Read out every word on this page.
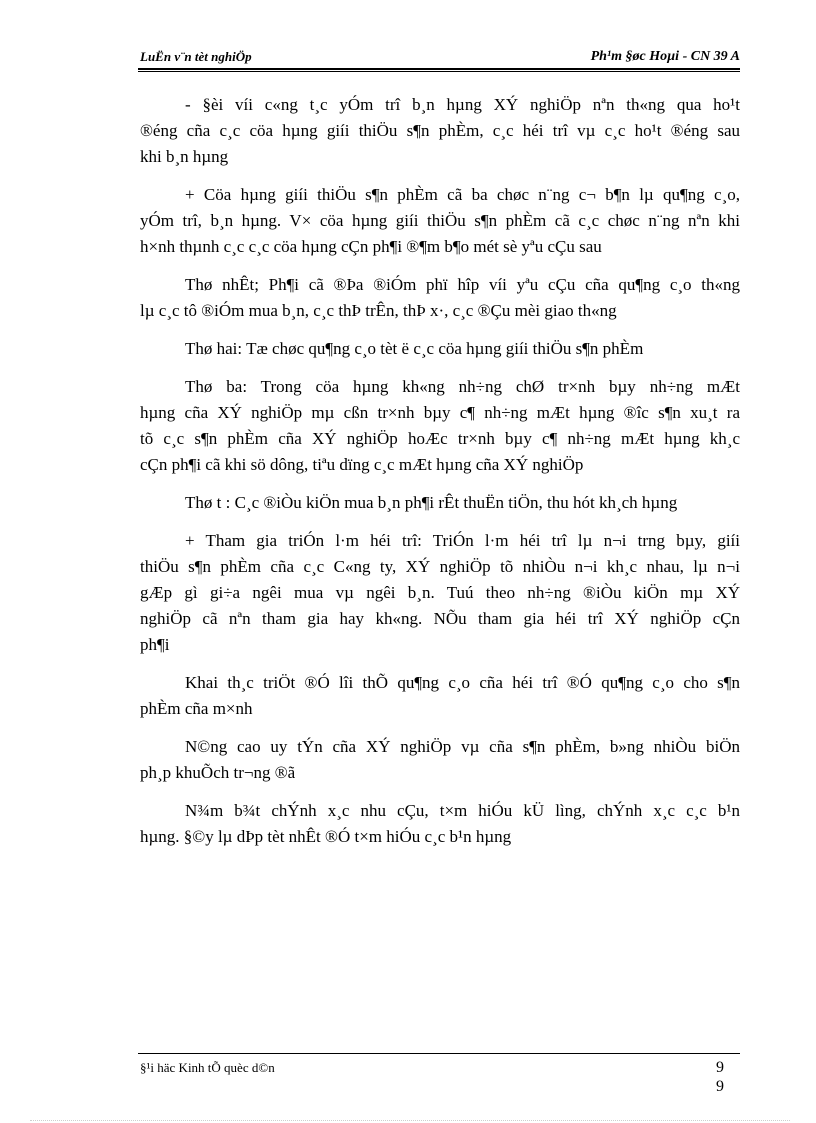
LuËn v¨n tèt nghiÖp	Ph¹m §øc Hoµi - CN 39 A

- §èi víi c«ng t¸c yÓm trî b¸n hµng XÝ nghiÖp nªn th«ng qua ho¹t
®éng cña c¸c cöa hµng giíi thiÖu s¶n phÈm, c¸c héi trî vµ c¸c ho¹t ®éng sau
khi b¸n hµng

+ Cöa hµng giíi thiÖu s¶n phÈm cã ba chøc n¨ng c¬ b¶n lµ qu¶ng c¸o,
yÓm trî, b¸n hµng. V× cöa hµng giíi thiÖu s¶n phÈm cã c¸c chøc n¨ng nªn khi
h×nh thµnh c¸c c¸c cöa hµng cÇn ph¶i ®¶m b¶o mét sè yªu cÇu sau

Thø nhÊt; Ph¶i cã ®Þa ®iÓm phï hîp víi yªu cÇu cña qu¶ng c¸o th«ng
lµ c¸c tô ®iÓm mua b¸n, c¸c thÞ trÊn, thÞ x·, c¸c ®Çu mèi giao th«ng

Thø hai: Tæ chøc qu¶ng c¸o tèt ë c¸c cöa hµng giíi thiÖu s¶n phÈm

Thø ba: Trong cöa hµng kh«ng nh÷ng chØ tr×nh bµy nh÷ng mÆt
hµng cña XÝ nghiÖp mµ cßn tr×nh bµy c¶ nh÷ng mÆt hµng ®îc s¶n xu¸t ra
tõ c¸c s¶n phÈm cña XÝ nghiÖp hoÆc tr×nh bµy c¶ nh÷ng mÆt hµng kh¸c
cÇn ph¶i cã khi sö dông, tiªu dïng c¸c mÆt hµng cña XÝ nghiÖp

Thø t : C¸c ®iÒu kiÖn mua b¸n ph¶i rÊt thuËn tiÖn, thu hót kh¸ch hµng

+ Tham gia triÓn l·m héi trî: TriÓn l·m héi trî lµ n¬i trng bµy, giíi
thiÖu s¶n phÈm cña c¸c C«ng ty, XÝ nghiÖp tõ nhiÒu n¬i kh¸c nhau, lµ n¬i
gÆp gì gi÷a ngêi mua vµ ngêi b¸n. Tuú theo nh÷ng ®iÒu kiÖn mµ XÝ
nghiÖp cã nªn tham gia hay kh«ng. NÕu tham gia héi trî XÝ nghiÖp cÇn
ph¶i

Khai th¸c triÖt ®Ó lîi thÕ qu¶ng c¸o cña héi trî ®Ó qu¶ng c¸o cho s¶n
phÈm cña m×nh

N©ng cao uy tÝn cña XÝ nghiÖp vµ cña s¶n phÈm, b»ng nhiÒu biÖn
ph¸p khuÕch tr¬ng ®ã

N¾m b¾t chÝnh x¸c nhu cÇu, t×m hiÓu kÜ lìng, chÝnh x¸c c¸c b¹n
hµng. §©y lµ dÞp tèt nhÊt ®Ó t×m hiÓu c¸c b¹n hµng

§¹i häc Kinh tÕ quèc d©n	9
9
